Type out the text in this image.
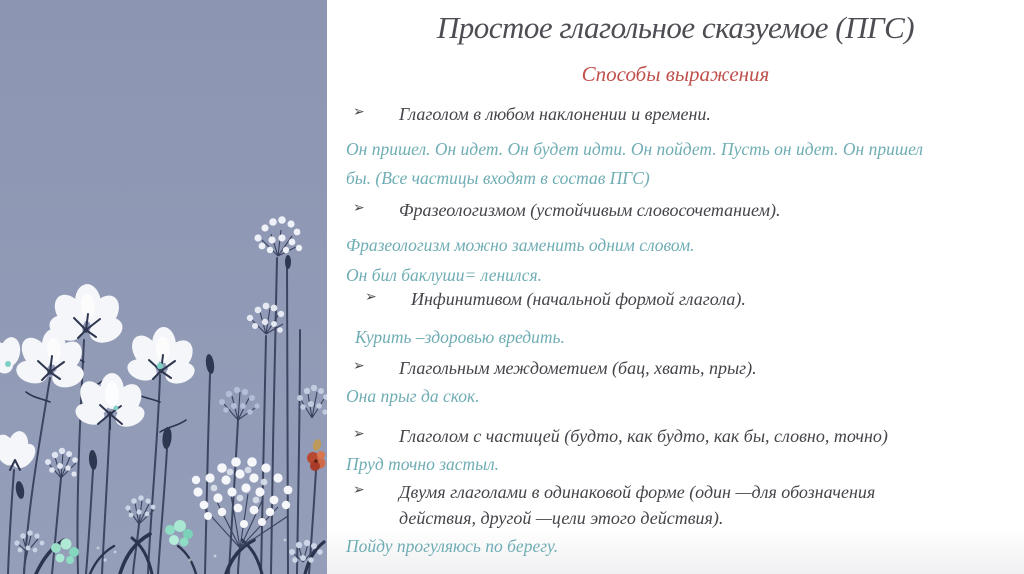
Простое глагольное сказуемое (ПГС)
Способы выражения
➢	Глаголом в любом наклонении и времени.
Он пришел. Он идет. Он будет идти. Он пойдет. Пусть он идет. Он пришел бы. (Все частицы входят в состав ПГС)
➢	Фразеологизмом (устойчивым словосочетанием).
Фразеологизм можно заменить одним словом.
Он бил баклуши= ленился.
➢	Инфинитивом (начальной формой глагола).
Курить –здоровью вредить.
➢	Глагольным междометием (бац, хвать, прыг).
Она прыг да скок.
➢	Глаголом с частицей (будто, как будто, как бы, словно, точно)
Пруд точно застыл.
➢	Двумя глаголами в одинаковой форме (один —для обозначения действия, другой —цели этого действия).
Пойду прогуляюсь по берегу.
